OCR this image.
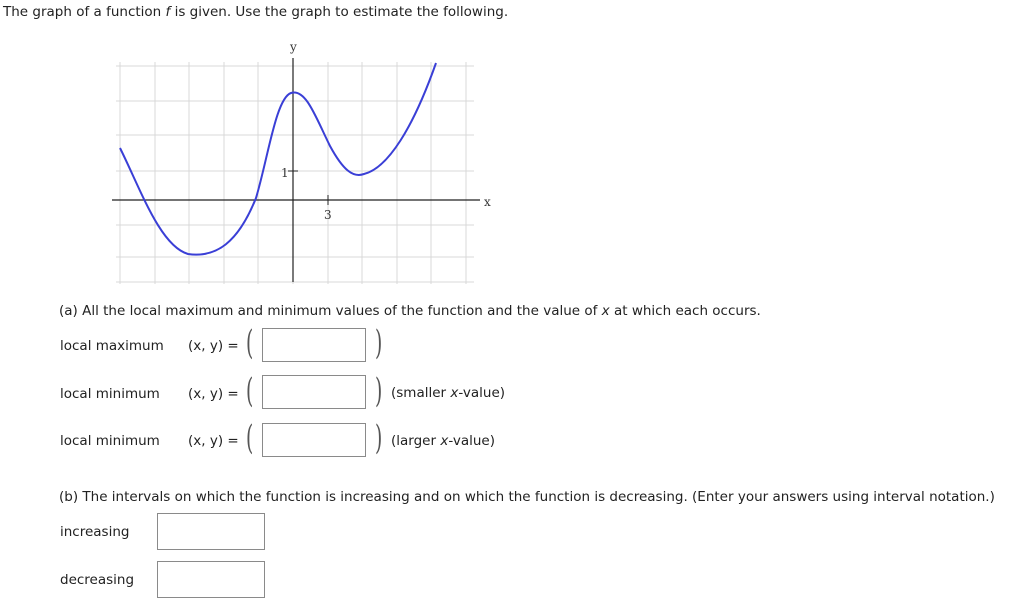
The graph of a function f is given. Use the graph to estimate the following.
y
x
1
3
(a) All the local maximum and minimum values of the function and the value of x at which each occurs.
local maximum (x, y) = (	)
local minimum (x, y) = (	) (smaller x-value)
local minimum (x, y) = (	) (larger x-value)
(b) The intervals on which the function is increasing and on which the function is decreasing. (Enter your answers using interval notation.)
increasing
decreasing
